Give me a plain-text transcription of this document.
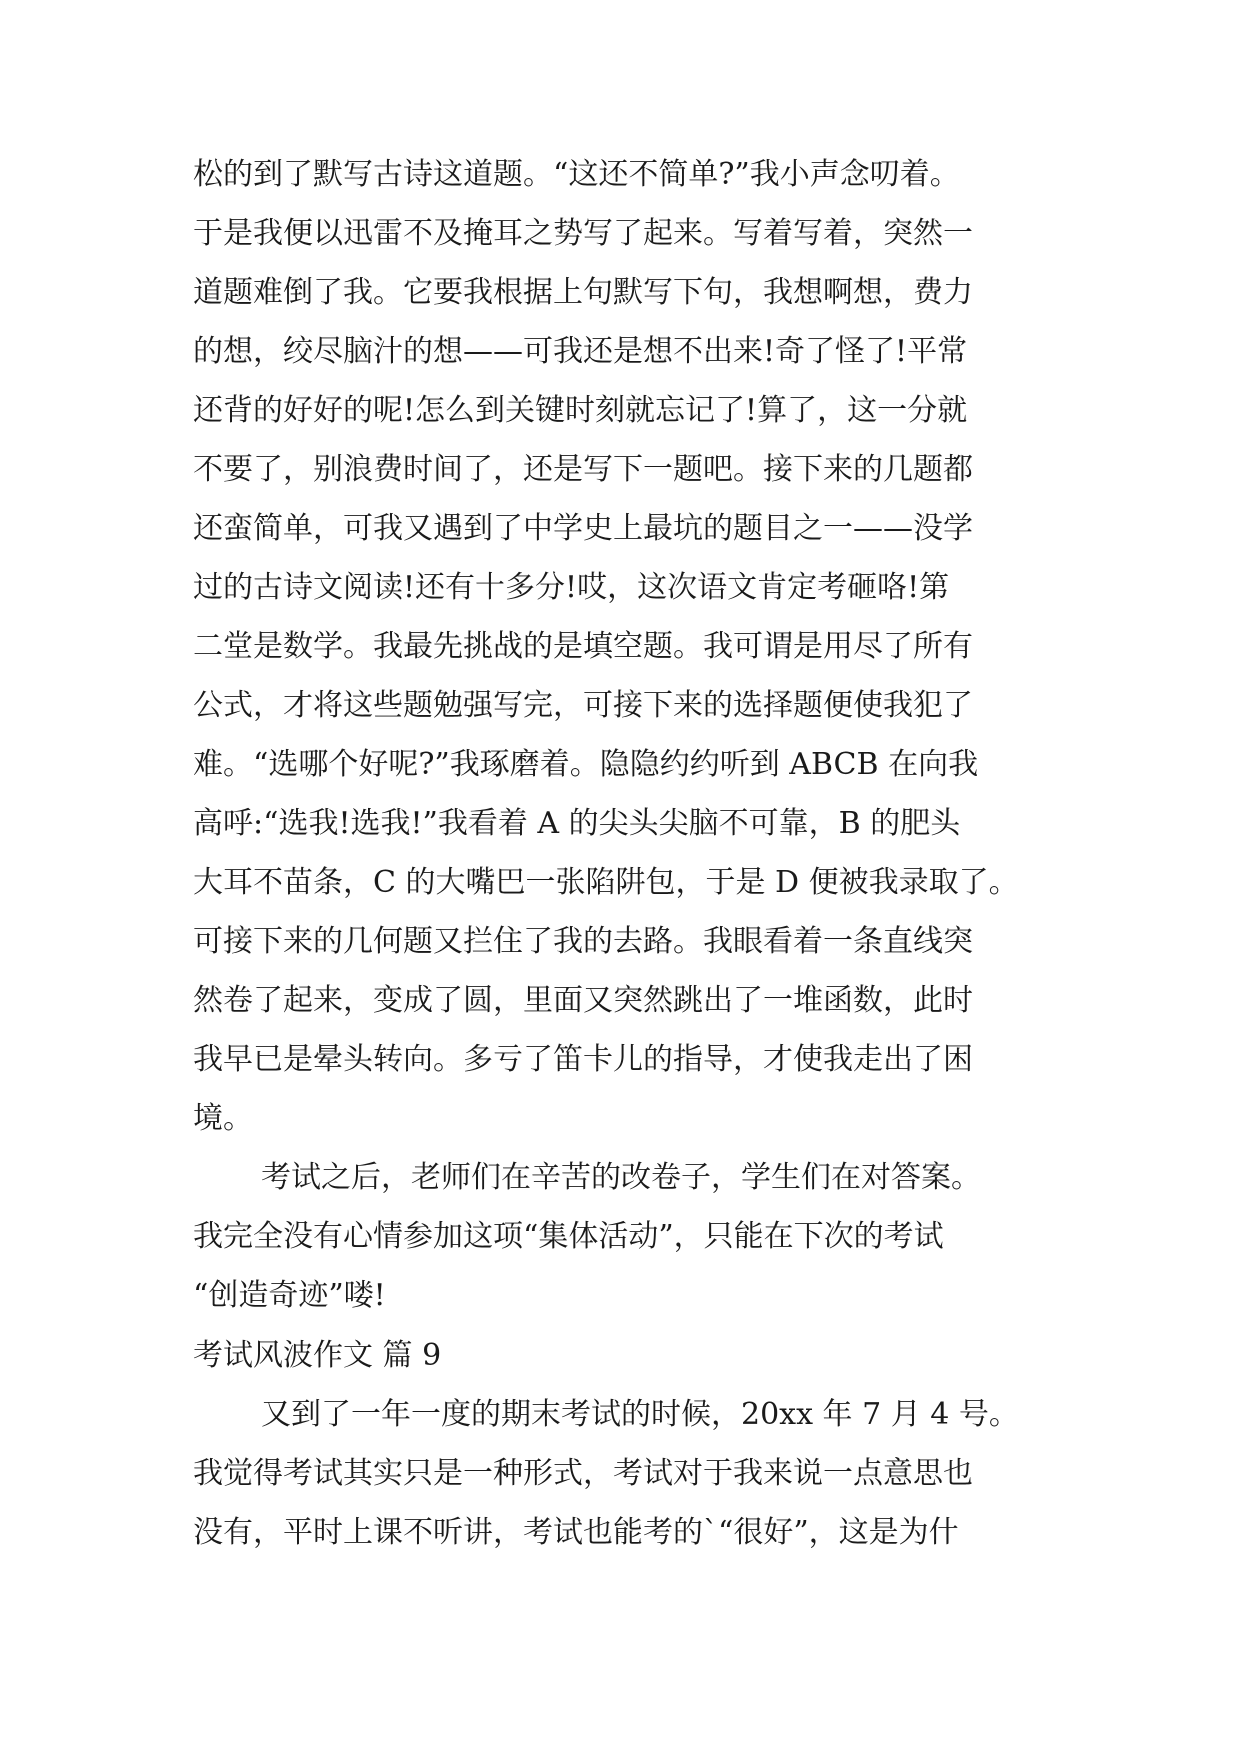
松的到了默写古诗这道题。“这还不简单?”我小声念叨着。
于是我便以迅雷不及掩耳之势写了起来。写着写着，突然一
道题难倒了我。它要我根据上句默写下句，我想啊想，费力
的想，绞尽脑汁的想——可我还是想不出来!奇了怪了!平常
还背的好好的呢!怎么到关键时刻就忘记了!算了，这一分就
不要了，别浪费时间了，还是写下一题吧。接下来的几题都
还蛮简单，可我又遇到了中学史上最坑的题目之一——没学
过的古诗文阅读!还有十多分!哎，这次语文肯定考砸咯!第
二堂是数学。我最先挑战的是填空题。我可谓是用尽了所有
公式，才将这些题勉强写完，可接下来的选择题便使我犯了
难。“选哪个好呢?”我琢磨着。隐隐约约听到 ABCB 在向我
高呼:“选我!选我!”我看着 A 的尖头尖脑不可靠，B 的肥头
大耳不苗条，C 的大嘴巴一张陷阱包，于是 D 便被我录取了。
可接下来的几何题又拦住了我的去路。我眼看着一条直线突
然卷了起来，变成了圆，里面又突然跳出了一堆函数，此时
我早已是晕头转向。多亏了笛卡儿的指导，才使我走出了困
境。
考试之后，老师们在辛苦的改卷子，学生们在对答案。
我完全没有心情参加这项“集体活动”，只能在下次的考试
“创造奇迹”喽!
考试风波作文 篇 9
又到了一年一度的期末考试的时候，20xx 年 7 月 4 号。
我觉得考试其实只是一种形式，考试对于我来说一点意思也
没有，平时上课不听讲，考试也能考的`“很好”，这是为什
